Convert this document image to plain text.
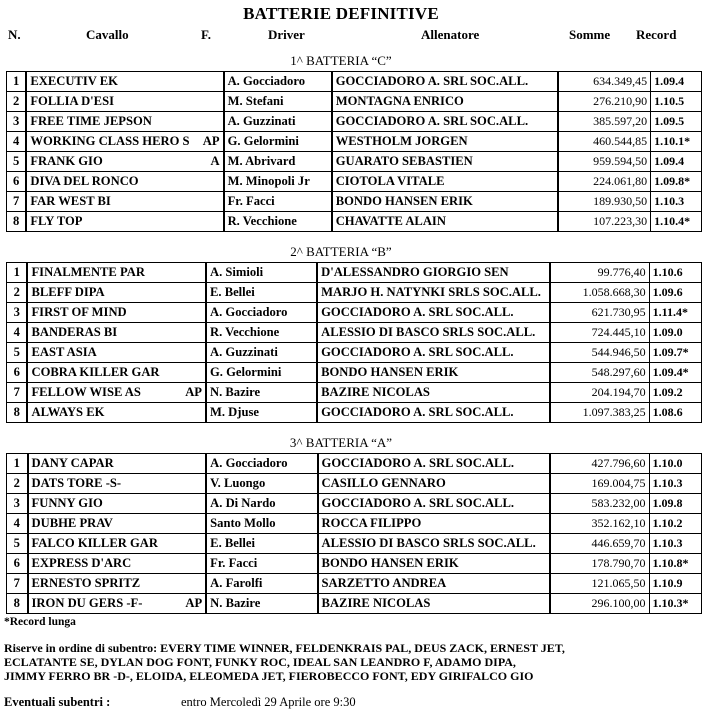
BATTERIE DEFINITIVE
N.	Cavallo	F.	Driver	Allenatore	Somme Record
1^ BATTERIA “C”
1	EXECUTIV EK		A. Gocciadoro	GOCCIADORO A. SRL SOC.ALL.	634.349,45	1.09.4
2	FOLLIA D'ESI		M. Stefani	MONTAGNA ENRICO	276.210,90	1.10.5
3	FREE TIME JEPSON		A. Guzzinati	GOCCIADORO A. SRL SOC.ALL.	385.597,20	1.09.5
4	WORKING CLASS HERO S	AP	G. Gelormini	WESTHOLM JORGEN	460.544,85	1.10.1*
5	FRANK GIO	A	M. Abrivard	GUARATO SEBASTIEN	959.594,50	1.09.4
6	DIVA DEL RONCO		M. Minopoli Jr	CIOTOLA VITALE	224.061,80	1.09.8*
7	FAR WEST BI		Fr. Facci	BONDO HANSEN ERIK	189.930,50	1.10.3
8	FLY TOP		R. Vecchione	CHAVATTE ALAIN	107.223,30	1.10.4*
2^ BATTERIA “B”
1	FINALMENTE PAR		A. Simioli	D'ALESSANDRO GIORGIO SEN	99.776,40	1.10.6
2	BLEFF DIPA		E. Bellei	MARJO H. NATYNKI SRLS SOC.ALL.	1.058.668,30	1.09.6
3	FIRST OF MIND		A. Gocciadoro	GOCCIADORO A. SRL SOC.ALL.	621.730,95	1.11.4*
4	BANDERAS BI		R. Vecchione	ALESSIO DI BASCO SRLS SOC.ALL.	724.445,10	1.09.0
5	EAST ASIA		A. Guzzinati	GOCCIADORO A. SRL SOC.ALL.	544.946,50	1.09.7*
6	COBRA KILLER GAR		G. Gelormini	BONDO HANSEN ERIK	548.297,60	1.09.4*
7	FELLOW WISE AS	AP	N. Bazire	BAZIRE NICOLAS	204.194,70	1.09.2
8	ALWAYS EK		M. Djuse	GOCCIADORO A. SRL SOC.ALL.	1.097.383,25	1.08.6
3^ BATTERIA “A”
1	DANY CAPAR		A. Gocciadoro	GOCCIADORO A. SRL SOC.ALL.	427.796,60	1.10.0
2	DATS TORE -S-		V. Luongo	CASILLO GENNARO	169.004,75	1.10.3
3	FUNNY GIO		A. Di Nardo	GOCCIADORO A. SRL SOC.ALL.	583.232,00	1.09.8
4	DUBHE PRAV		Santo Mollo	ROCCA FILIPPO	352.162,10	1.10.2
5	FALCO KILLER GAR		E. Bellei	ALESSIO DI BASCO SRLS SOC.ALL.	446.659,70	1.10.3
6	EXPRESS D'ARC		Fr. Facci	BONDO HANSEN ERIK	178.790,70	1.10.8*
7	ERNESTO SPRITZ		A. Farolfi	SARZETTO ANDREA	121.065,50	1.10.9
8	IRON DU GERS -F-	AP	N. Bazire	BAZIRE NICOLAS	296.100,00	1.10.3*
*Record lunga
Riserve in ordine di subentro: EVERY TIME WINNER, FELDENKRAIS PAL, DEUS ZACK, ERNEST JET,
ECLATANTE SE, DYLAN DOG FONT, FUNKY ROC, IDEAL SAN LEANDRO F, ADAMO DIPA,
JIMMY FERRO BR -D-, ELOIDA, ELEOMEDA JET, FIEROBECCO FONT, EDY GIRIFALCO GIO
Eventuali subentri :	entro Mercoledì 29 Aprile ore 9:30
